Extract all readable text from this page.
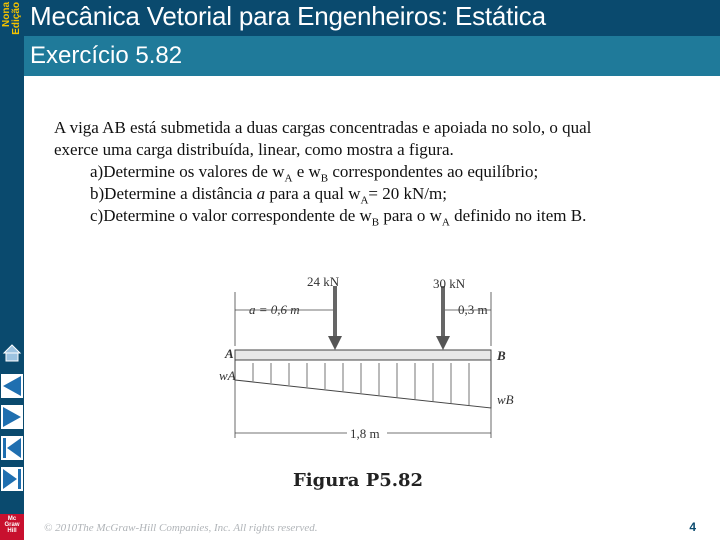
Nona Edição
Mc
Graw
Hill
Mecânica Vetorial para Engenheiros: Estática
Exercício 5.82

A viga AB está submetida a duas cargas concentradas e apoiada no solo, o qual

exerce uma carga distribuída, linear, como mostra a figura.

a)Determine os valores de $w_A$ e $w_B$ correspondentes ao equilíbrio;

b)Determine a distância a para a qual $w_A= 20$ kN/m;

c)Determine o valor correspondente de $w_B$ para o $w_A$ definido no item B.

24 kN	30 kN
a = 0,6 m	0,3 m
A	B
wA
wB
1,8 m
Figura P5.82
© 2010The McGraw-Hill Companies, Inc. All rights reserved.	4
